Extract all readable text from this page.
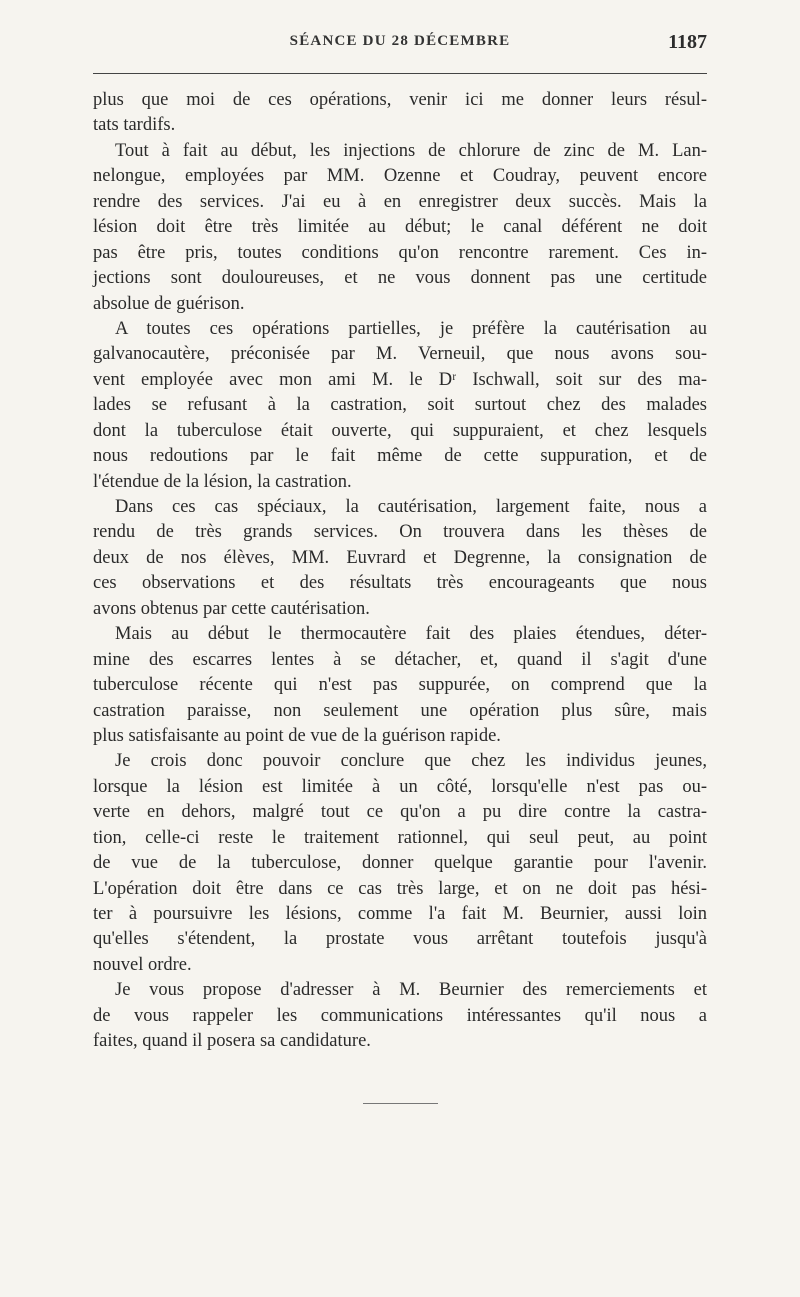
SÉANCE DU 28 DÉCEMBRE	1187
plus que moi de ces opérations, venir ici me donner leurs résul-
tats tardifs.
Tout à fait au début, les injections de chlorure de zinc de M. Lan-
nelongue, employées par MM. Ozenne et Coudray, peuvent encore
rendre des services. J'ai eu à en enregistrer deux succès. Mais la
lésion doit être très limitée au début; le canal déférent ne doit
pas être pris, toutes conditions qu'on rencontre rarement. Ces in-
jections sont douloureuses, et ne vous donnent pas une certitude
absolue de guérison.
A toutes ces opérations partielles, je préfère la cautérisation au
galvanocautère, préconisée par M. Verneuil, que nous avons sou-
vent employée avec mon ami M. le Dʳ Ischwall, soit sur des ma-
lades se refusant à la castration, soit surtout chez des malades
dont la tuberculose était ouverte, qui suppuraient, et chez lesquels
nous redoutions par le fait même de cette suppuration, et de
l'étendue de la lésion, la castration.
Dans ces cas spéciaux, la cautérisation, largement faite, nous a
rendu de très grands services. On trouvera dans les thèses de
deux de nos élèves, MM. Euvrard et Degrenne, la consignation de
ces observations et des résultats très encourageants que nous
avons obtenus par cette cautérisation.
Mais au début le thermocautère fait des plaies étendues, déter-
mine des escarres lentes à se détacher, et, quand il s'agit d'une
tuberculose récente qui n'est pas suppurée, on comprend que la
castration paraisse, non seulement une opération plus sûre, mais
plus satisfaisante au point de vue de la guérison rapide.
Je crois donc pouvoir conclure que chez les individus jeunes,
lorsque la lésion est limitée à un côté, lorsqu'elle n'est pas ou-
verte en dehors, malgré tout ce qu'on a pu dire contre la castra-
tion, celle-ci reste le traitement rationnel, qui seul peut, au point
de vue de la tuberculose, donner quelque garantie pour l'avenir.
L'opération doit être dans ce cas très large, et on ne doit pas hési-
ter à poursuivre les lésions, comme l'a fait M. Beurnier, aussi loin
qu'elles s'étendent, la prostate vous arrêtant toutefois jusqu'à
nouvel ordre.
Je vous propose d'adresser à M. Beurnier des remerciements et
de vous rappeler les communications intéressantes qu'il nous a
faites, quand il posera sa candidature.
